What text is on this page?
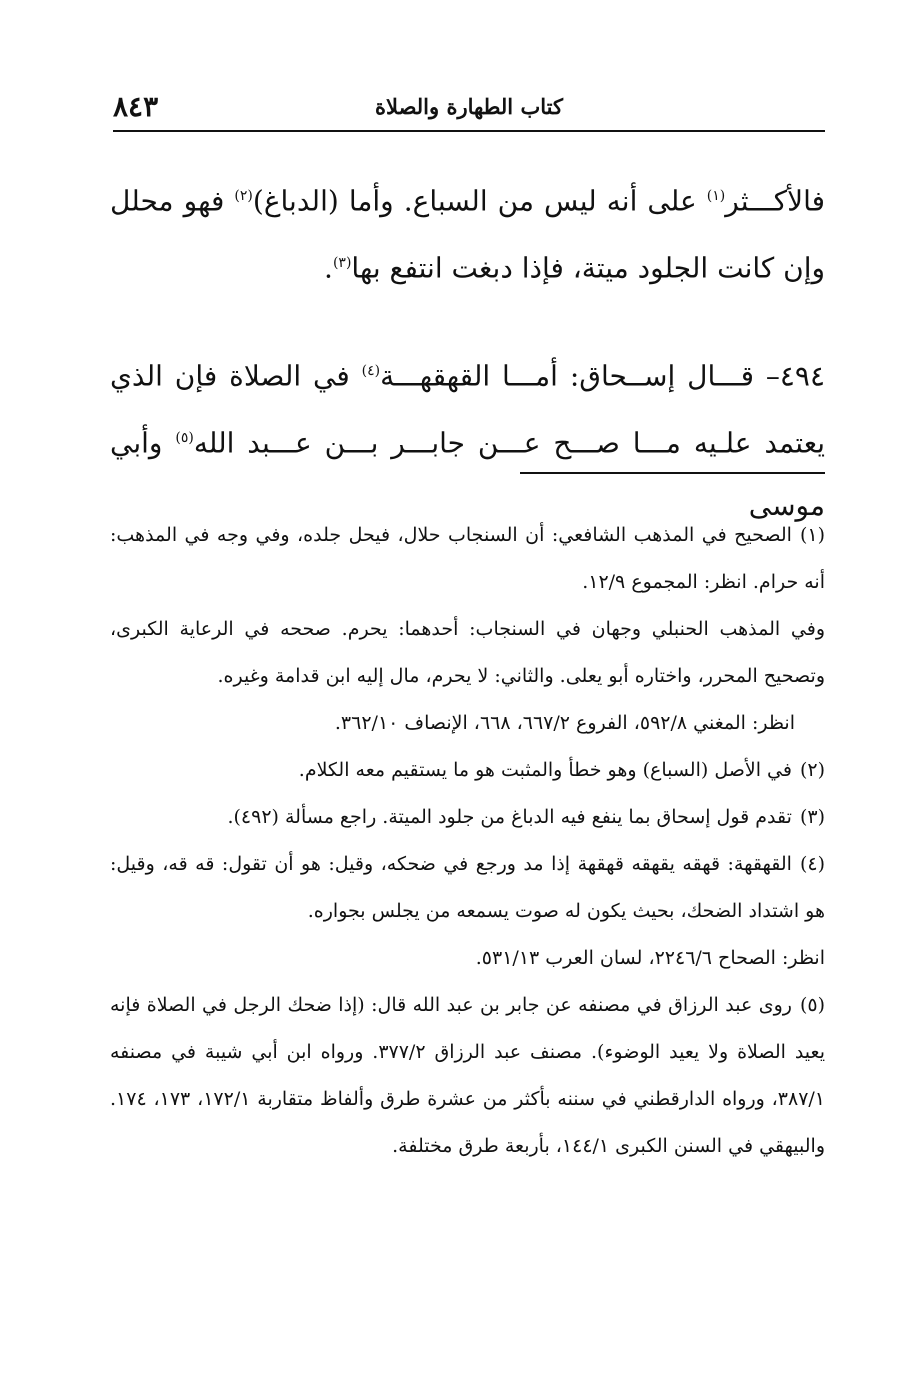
كتاب الطهارة والصلاة
٨٤٣

فالأكـــثر$^{(١)}$ على أنه ليس من السباع. وأما (الدباغ)$^{(٢)}$ فهو محلل وإن كانت الجلود ميتة، فإذا دبغت انتفع بها$^{(٣)}$.

٤٩٤– قـــال إســحاق: أمـــا القهقهـــة$^{(٤)}$ في الصلاة فإن الذي يعتمد علـيه مـــا صـــح عـــن جابـــر بـــن عـــبد الله$^{(٥)}$ وأبي موسى

(١)الصحيح في المذهب الشافعي: أن السنجاب حلال، فيحل جلده، وفي وجه في المذهب: أنه حرام. انظر: المجموع ١٢/٩.

وفي المذهب الحنبلي وجهان في السنجاب: أحدهما: يحرم. صححه في الرعاية الكبرى، وتصحيح المحرر، واختاره أبو يعلى. والثاني: لا يحرم، مال إليه ابن قدامة وغيره.

انظر: المغني ٥٩٢/٨، الفروع ٦٦٧/٢، ٦٦٨، الإنصاف ٣٦٢/١٠.

(٢)في الأصل (السباع) وهو خطأ والمثبت هو ما يستقيم معه الكلام.

(٣)تقدم قول إسحاق بما ينفع فيه الدباغ من جلود الميتة. راجع مسألة (٤٩٢).

(٤)القهقهة: قهقه يقهقه قهقهة إذا مد ورجع في ضحكه، وقيل: هو أن تقول: قه قه، وقيل: هو اشتداد الضحك، بحيث يكون له صوت يسمعه من يجلس بجواره.

انظر: الصحاح ٢٢٤٦/٦، لسان العرب ٥٣١/١٣.

(٥)روى عبد الرزاق في مصنفه عن جابر بن عبد الله قال: (إذا ضحك الرجل في الصلاة فإنه يعيد الصلاة ولا يعيد الوضوء). مصنف عبد الرزاق ٣٧٧/٢. ورواه ابن أبي شيبة في مصنفه ٣٨٧/١، ورواه الدارقطني في سننه بأكثر من عشرة طرق وألفاظ متقاربة ١٧٢/١، ١٧٣، ١٧٤. والبيهقي في السنن الكبرى ١٤٤/١، بأربعة طرق مختلفة.
